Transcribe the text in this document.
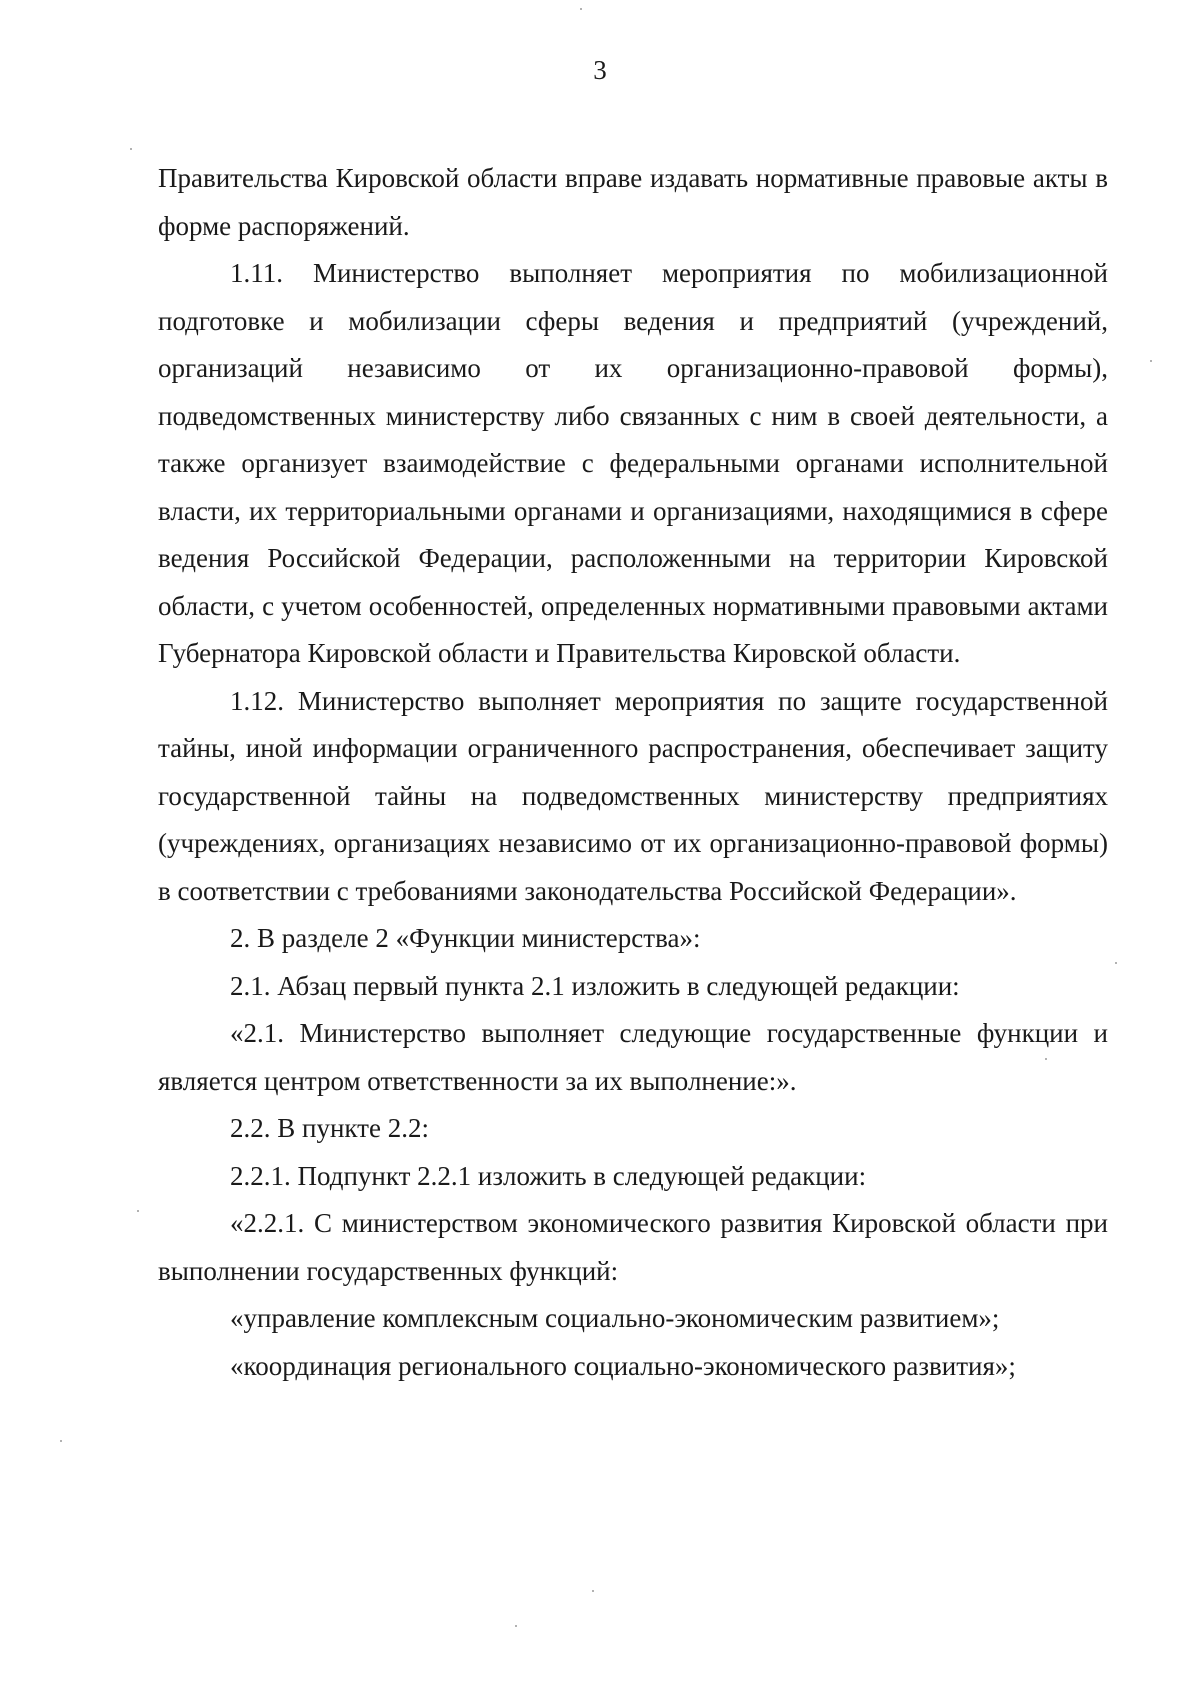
3

Правительства Кировской области вправе издавать нормативные правовые акты в форме распоряжений.

1.11. Министерство выполняет мероприятия по мобилизационной подготовке и мобилизации сферы ведения и предприятий (учреждений, организаций независимо от их организационно-правовой формы), подведомственных министерству либо связанных с ним в своей деятельности, а также организует взаимодействие с федеральными органами исполнительной власти, их территориальными органами и организациями, находящимися в сфере ведения Российской Федерации, расположенными на территории Кировской области, с учетом особенностей, определенных нормативными правовыми актами Губернатора Кировской области и Правительства Кировской области.

1.12. Министерство выполняет мероприятия по защите государственной тайны, иной информации ограниченного распространения, обеспечивает защиту государственной тайны на подведомственных министерству предприятиях (учреждениях, организациях независимо от их организационно-правовой формы) в соответствии с требованиями законодательства Российской Федерации».

2. В разделе 2 «Функции министерства»:

2.1. Абзац первый пункта 2.1 изложить в следующей редакции:

«2.1. Министерство выполняет следующие государственные функции и является центром ответственности за их выполнение:».

2.2. В пункте 2.2:

2.2.1. Подпункт 2.2.1 изложить в следующей редакции:

«2.2.1. С министерством экономического развития Кировской области при выполнении государственных функций:

«управление комплексным социально-экономическим развитием»;

«координация регионального социально-экономического развития»;
